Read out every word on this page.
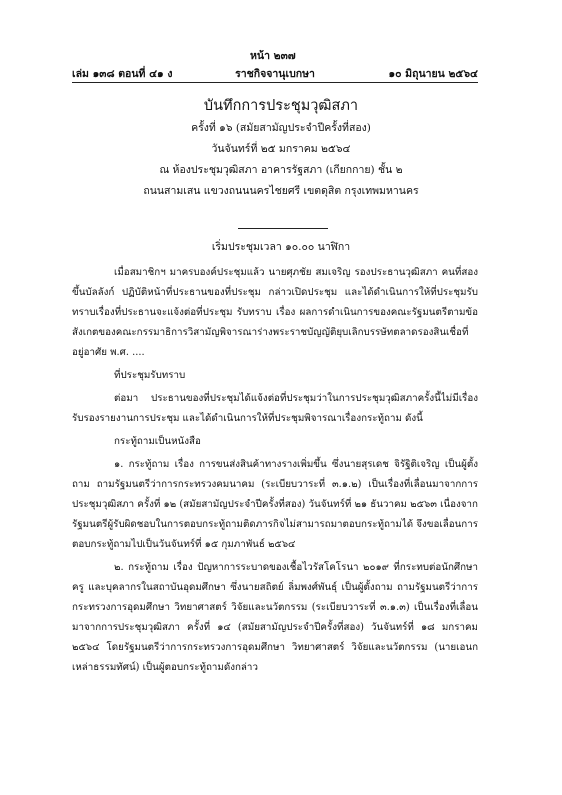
หน้า ๒๓๗
เล่ม ๑๓๘ ตอนที่ ๔๑ ง	ราชกิจจานุเบกษา	๑๐ มิถุนายน ๒๕๖๔
บันทึกการประชุมวุฒิสภา
ครั้งที่ ๑๖ (สมัยสามัญประจำปีครั้งที่สอง)
วันจันทร์ที่ ๒๕ มกราคม ๒๕๖๔
ณ ห้องประชุมวุฒิสภา อาคารรัฐสภา (เกียกกาย) ชั้น ๒
ถนนสามเสน แขวงถนนนครไชยศรี เขตดุสิต กรุงเทพมหานคร
เริ่มประชุมเวลา ๑๐.๐๐ นาฬิกา

เมื่อสมาชิกฯ มาครบองค์ประชุมแล้ว นายศุภชัย สมเจริญ รองประธานวุฒิสภา คนที่สอง ขึ้นบัลลังก์ ปฏิบัติหน้าที่ประธานของที่ประชุม กล่าวเปิดประชุม และได้ดำเนินการให้ที่ประชุมรับทราบเรื่องที่ประธานจะแจ้งต่อที่ประชุม รับทราบ เรื่อง ผลการดำเนินการของคณะรัฐมนตรีตามข้อสังเกตของคณะกรรมาธิการวิสามัญพิจารณาร่างพระราชบัญญัติยุบเลิกบรรษัทตลาดรองสินเชื่อที่อยู่อาศัย พ.ศ. ....

ที่ประชุมรับทราบ

ต่อมา ประธานของที่ประชุมได้แจ้งต่อที่ประชุมว่าในการประชุมวุฒิสภาครั้งนี้ไม่มีเรื่องรับรองรายงานการประชุม และได้ดำเนินการให้ที่ประชุมพิจารณาเรื่องกระทู้ถาม ดังนี้

กระทู้ถามเป็นหนังสือ

๑. กระทู้ถาม เรื่อง การขนส่งสินค้าทางรางเพิ่มขึ้น ซึ่งนายสุรเดช จิรัฐิติเจริญ เป็นผู้ตั้งถาม ถามรัฐมนตรีว่าการกระทรวงคมนาคม (ระเบียบวาระที่ ๓.๑.๒) เป็นเรื่องที่เลื่อนมาจากการประชุมวุฒิสภา ครั้งที่ ๑๒ (สมัยสามัญประจำปีครั้งที่สอง) วันจันทร์ที่ ๒๑ ธันวาคม ๒๕๖๓ เนื่องจากรัฐมนตรีผู้รับผิดชอบในการตอบกระทู้ถามติดภารกิจไม่สามารถมาตอบกระทู้ถามได้ จึงขอเลื่อนการตอบกระทู้ถามไปเป็นวันจันทร์ที่ ๑๕ กุมภาพันธ์ ๒๕๖๔

๒. กระทู้ถาม เรื่อง ปัญหาการระบาดของเชื้อไวรัสโคโรนา ๒๐๑๙ ที่กระทบต่อนักศึกษา ครู และบุคลากรในสถาบันอุดมศึกษา ซึ่งนายสถิตย์ ลิ่มพงศ์พันธุ์ เป็นผู้ตั้งถาม ถามรัฐมนตรีว่าการกระทรวงการอุดมศึกษา วิทยาศาสตร์ วิจัยและนวัตกรรม (ระเบียบวาระที่ ๓.๑.๓) เป็นเรื่องที่เลื่อนมาจากการประชุมวุฒิสภา ครั้งที่ ๑๔ (สมัยสามัญประจำปีครั้งที่สอง) วันจันทร์ที่ ๑๘ มกราคม ๒๕๖๔ โดยรัฐมนตรีว่าการกระทรวงการอุดมศึกษา วิทยาศาสตร์ วิจัยและนวัตกรรม (นายเอนก เหล่าธรรมทัศน์) เป็นผู้ตอบกระทู้ถามดังกล่าว
